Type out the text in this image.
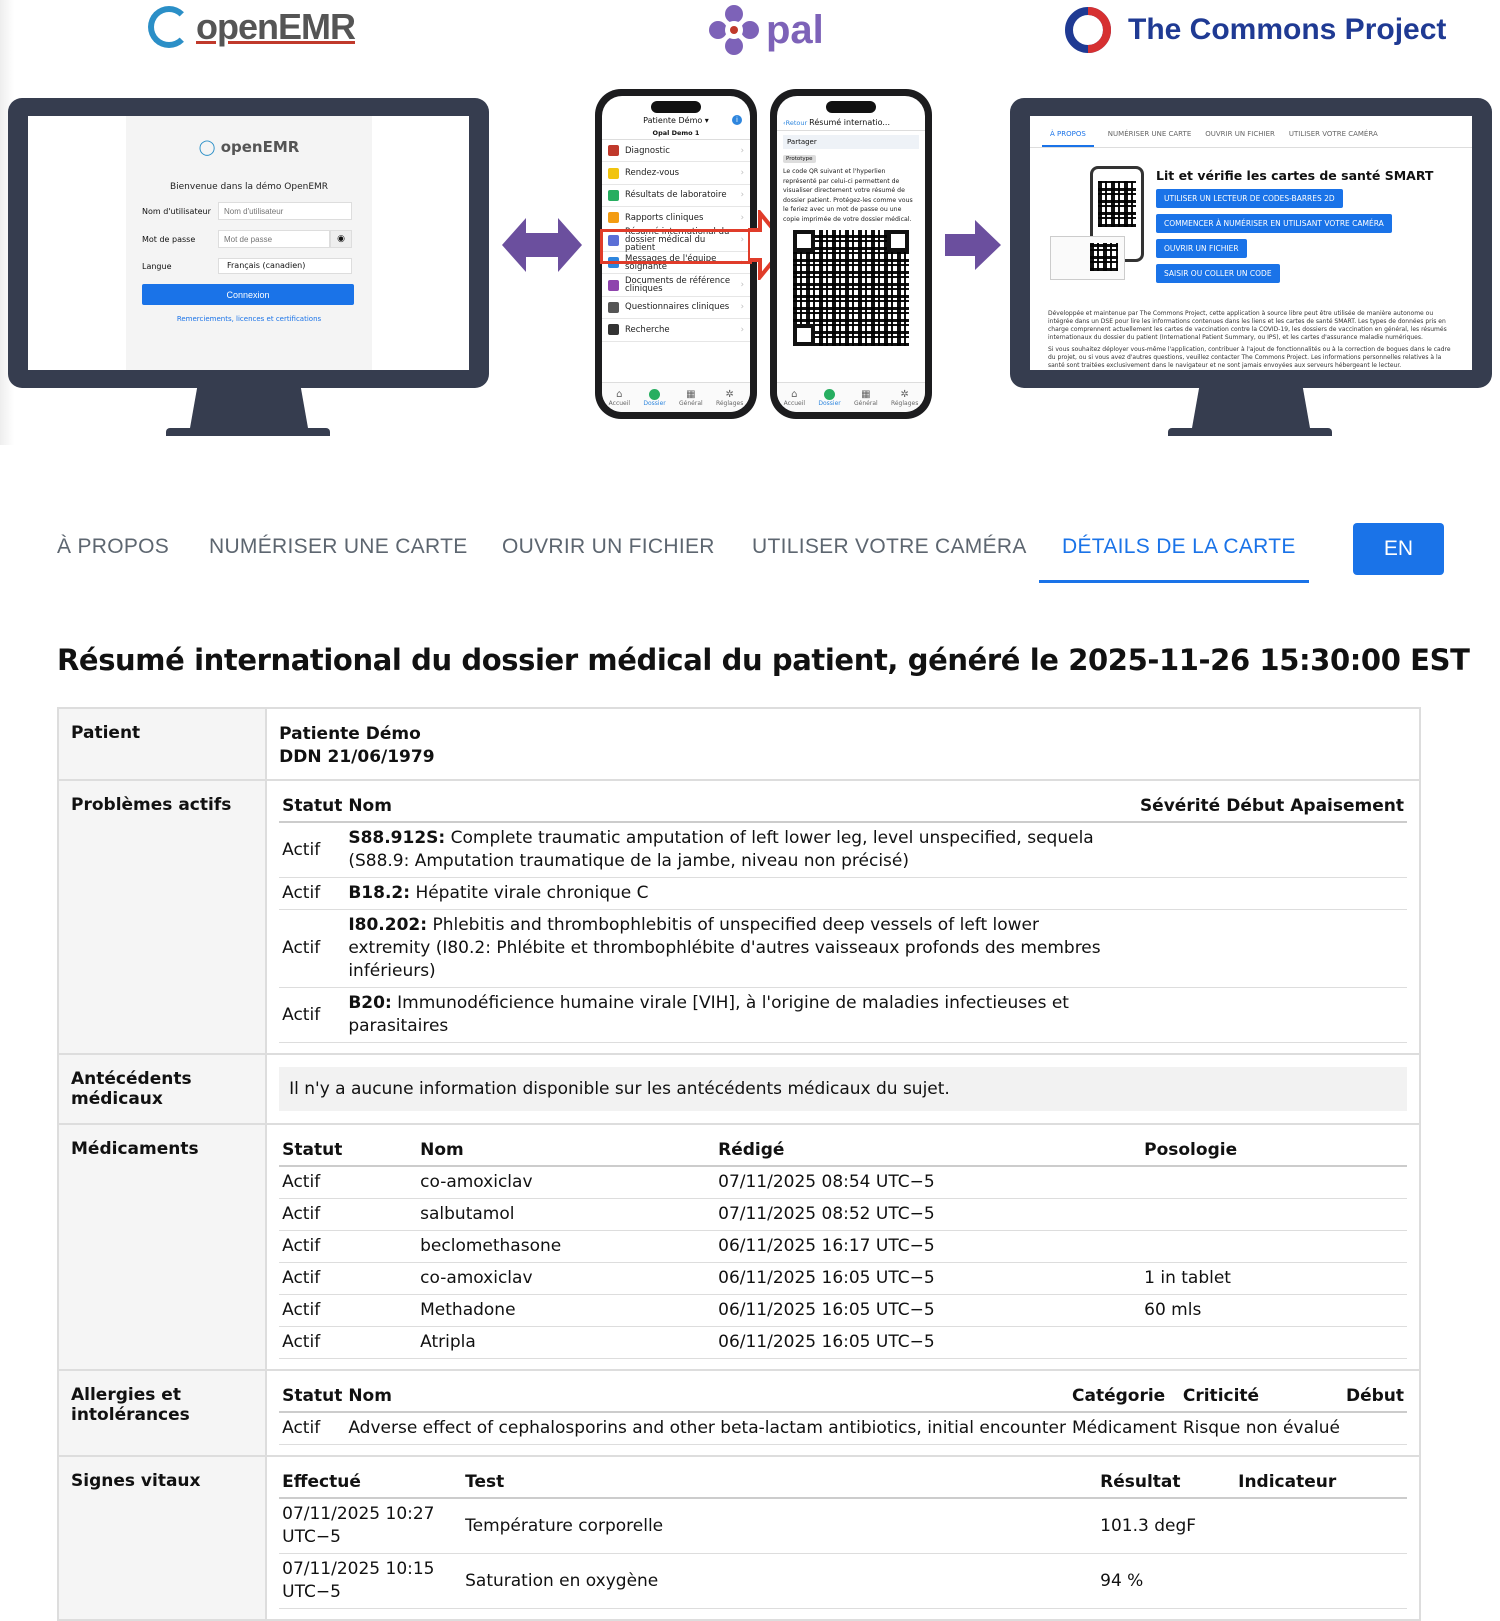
openEMR	pal	The Commons Project
◯ openEMR
Bienvenue dans la démo OpenEMR
Nom d'utilisateur
Nom d'utilisateur
Mot de passe
Mot de passe	◉
Langue	Français (canadien)
Connexion
Remerciements, licences et certifications
Patiente Démo ▾	i
Opal Demo 1
Diagnostic	›
Rendez-vous	›
Résultats de laboratoire ›
Rapports cliniques	›
Résumé international du dossier médical du patient
›
Messages de l'équipe soignante	›
Documents de référence cliniques	›
Questionnaires cliniques ›
Recherche	›
⌂
Accueil Dossier
▦
Général
✲
Réglages
‹Retour Résumé internatio...
Partager
Prototype
Le code QR suivant et l'hyperlien représenté par celui-ci permettent de visualiser directement votre résumé de dossier patient. Protégez-les comme vous le feriez avec un mot de passe ou une copie imprimée de votre dossier médical.
⌂
Accueil Dossier
▦
Général
✲
Réglages
À PROPOS	NUMÉRISER UNE CARTE OUVRIR UN FICHIER UTILISER VOTRE CAMÉRA
Lit et vérifie les cartes de santé SMART
UTILISER UN LECTEUR DE CODES-BARRES 2D
COMMENCER À NUMÉRISER EN UTILISANT VOTRE CAMÉRA
OUVRIR UN FICHIER
SAISIR OU COLLER UN CODE
Développée et maintenue par The Commons Project, cette application à source libre peut être utilisée de manière autonome ou intégrée dans un DSE pour lire les informations contenues dans les liens et les cartes de santé SMART. Les types de données pris en charge comprennent actuellement les cartes de vaccination contre la COVID-19, les dossiers de vaccination en général, les résumés internationaux du dossier du patient (International Patient Summary, ou IPS), et les cartes d'assurance maladie numériques.
Si vous souhaitez déployer vous-même l'application, contribuer à l'ajout de fonctionnalités ou à la correction de bogues dans le cadre du projet, ou si vous avez d'autres questions, veuillez contacter The Commons Project. Les informations personnelles relatives à la santé sont traitées exclusivement dans le navigateur et ne sont jamais envoyées aux serveurs hébergeant le lecteur.
À PROPOS NUMÉRISER UNE CARTE OUVRIR UN FICHIER UTILISER VOTRE CAMÉRA DÉTAILS DE LA CARTE	EN
Résumé international du dossier médical du patient, généré le 2025-11-26 15:30:00 EST
Patient	Patiente Démo
DDN 21/06/1979

Problèmes actifs		Statut	Nom	Sévérité	Début	Apaisement
Actif	S88.912S: Complete traumatic amputation of left lower leg, level unspecified, sequela (S88.9: Amputation traumatique de la jambe, niveau non précisé)
Actif	B18.2: Hépatite virale chronique C
Actif	I80.202: Phlebitis and thrombophlebitis of unspecified deep vessels of left lower extremity (I80.2: Phlébite et thrombophlébite d'autres vaisseaux profonds des membres inférieurs)
Actif	B20: Immunodéficience humaine virale [VIH], à l'origine de maladies infectieuses et parasitaires

Antécédents médicaux	Il n'y a aucune information disponible sur les antécédents médicaux du sujet.

Médicaments		Statut	Nom	Rédigé	Posologie
Actif	co-amoxiclav	07/11/2025 08:54 UTC−5	
Actif	salbutamol	07/11/2025 08:52 UTC−5	
Actif	beclomethasone	06/11/2025 16:17 UTC−5	
Actif	co-amoxiclav	06/11/2025 16:05 UTC−5	1 in tablet
Actif	Methadone	06/11/2025 16:05 UTC−5	60 mls
Actif	Atripla	06/11/2025 16:05 UTC−5	

Allergies et intolérances	
Statut	Nom	Catégorie	Criticité	Début
Actif	Adverse effect of cephalosporins and other beta-lactam antibiotics, initial encounter	Médicament	Risque non évalué	

Signes vitaux		Effectué	Test	Résultat	Indicateur
07/11/2025 10:27 UTC−5	Température corporelle	101.3 degF	
07/11/2025 10:15 UTC−5	Saturation en oxygène	94 %	
